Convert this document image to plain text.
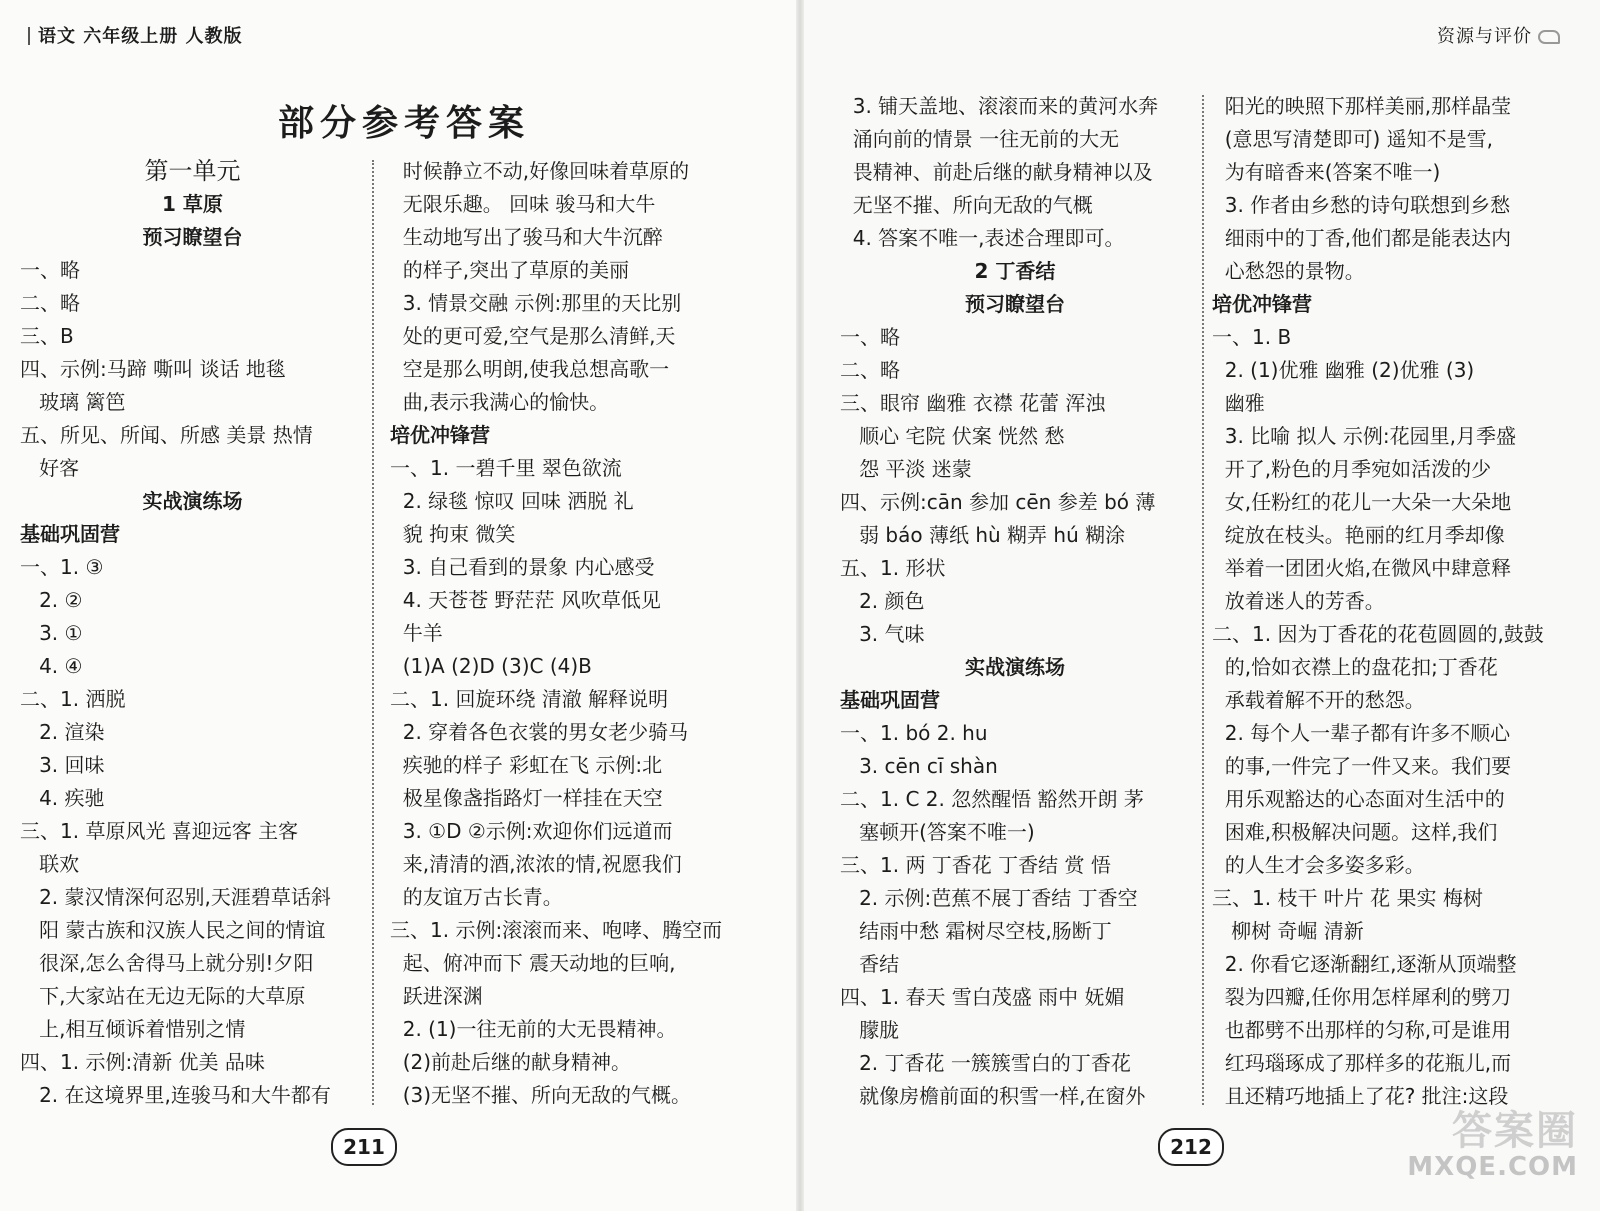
语文 六年级上册 人教版	资源与评价
部分参考答案
第一单元
1 草原
预习瞭望台
一、略
二、略
三、B
四、示例:马蹄 嘶叫 谈话 地毯
玻璃 篱笆
五、所见、所闻、所感 美景 热情
好客
实战演练场
基础巩固营
一、1. ③
2. ②
3. ①
4. ④
二、1. 洒脱
2. 渲染
3. 回味
4. 疾驰
三、1. 草原风光 喜迎远客 主客
联欢
2. 蒙汉情深何忍别,天涯碧草话斜
阳 蒙古族和汉族人民之间的情谊
很深,怎么舍得马上就分别!夕阳
下,大家站在无边无际的大草原
上,相互倾诉着惜别之情
四、1. 示例:清新 优美 品味
2. 在这境界里,连骏马和大牛都有
时候静立不动,好像回味着草原的
无限乐趣。 回味 骏马和大牛
生动地写出了骏马和大牛沉醉
的样子,突出了草原的美丽
3. 情景交融 示例:那里的天比别
处的更可爱,空气是那么清鲜,天
空是那么明朗,使我总想高歌一
曲,表示我满心的愉快。
培优冲锋营
一、1. 一碧千里 翠色欲流
2. 绿毯 惊叹 回味 洒脱 礼
貌 拘束 微笑
3. 自己看到的景象 内心感受
4. 天苍苍 野茫茫 风吹草低见
牛羊
(1)A (2)D (3)C (4)B
二、1. 回旋环绕 清澈 解释说明
2. 穿着各色衣裳的男女老少骑马
疾驰的样子 彩虹在飞 示例:北
极星像盏指路灯一样挂在天空
3. ①D ②示例:欢迎你们远道而
来,清清的酒,浓浓的情,祝愿我们
的友谊万古长青。
三、1. 示例:滚滚而来、咆哮、腾空而
起、俯冲而下 震天动地的巨响,
跃进深渊
2. (1)一往无前的大无畏精神。
(2)前赴后继的献身精神。
(3)无坚不摧、所向无敌的气概。
3. 铺天盖地、滚滚而来的黄河水奔
涌向前的情景 一往无前的大无
畏精神、前赴后继的献身精神以及
无坚不摧、所向无敌的气概
4. 答案不唯一,表述合理即可。
2 丁香结
预习瞭望台
一、略
二、略
三、眼帘 幽雅 衣襟 花蕾 浑浊
顺心 宅院 伏案 恍然 愁
怨 平淡 迷蒙
四、示例:cān 参加 cēn 参差 bó 薄
弱 báo 薄纸 hù 糊弄 hú 糊涂
五、1. 形状
2. 颜色
3. 气味
实战演练场
基础巩固营
一、1. bó 2. hu
3. cēn cī shàn
二、1. C 2. 忽然醒悟 豁然开朗 茅
塞顿开(答案不唯一)
三、1. 两 丁香花 丁香结 赏 悟
2. 示例:芭蕉不展丁香结 丁香空
结雨中愁 霜树尽空枝,肠断丁
香结
四、1. 春天 雪白茂盛 雨中 妩媚
朦胧
2. 丁香花 一簇簇雪白的丁香花
就像房檐前面的积雪一样,在窗外
阳光的映照下那样美丽,那样晶莹
(意思写清楚即可) 遥知不是雪,
为有暗香来(答案不唯一)
3. 作者由乡愁的诗句联想到乡愁
细雨中的丁香,他们都是能表达内
心愁怨的景物。
培优冲锋营
一、1. B
2. (1)优雅 幽雅 (2)优雅 (3)
幽雅
3. 比喻 拟人 示例:花园里,月季盛
开了,粉色的月季宛如活泼的少
女,任粉红的花儿一大朵一大朵地
绽放在枝头。艳丽的红月季却像
举着一团团火焰,在微风中肆意释
放着迷人的芳香。
二、1. 因为丁香花的花苞圆圆的,鼓鼓
的,恰如衣襟上的盘花扣;丁香花
承载着解不开的愁怨。
2. 每个人一辈子都有许多不顺心
的事,一件完了一件又来。我们要
用乐观豁达的心态面对生活中的
困难,积极解决问题。这样,我们
的人生才会多姿多彩。
三、1. 枝干 叶片 花 果实 梅树
柳树 奇崛 清新
2. 你看它逐渐翻红,逐渐从顶端整
裂为四瓣,任你用怎样犀利的劈刀
也都劈不出那样的匀称,可是谁用
红玛瑙琢成了那样多的花瓶儿,而
且还精巧地插上了花? 批注:这段
211	212	答案圈
MXQE.COM
